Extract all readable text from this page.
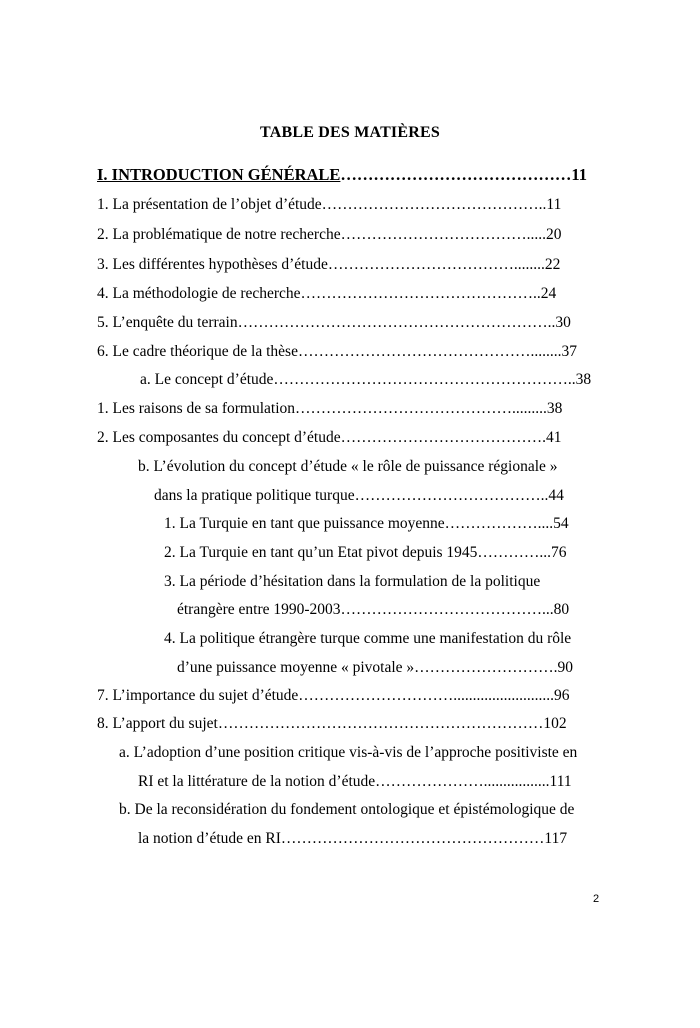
TABLE DES MATIÈRES
I. INTRODUCTION GÉNÉRALE……………………………………11
1. La présentation de l’objet d’étude……………………………………..11
2. La problématique de notre recherche……………………………….....20
3. Les différentes hypothèses d’étude………………………………........22
4. La méthodologie de recherche………………………………………..24
5. L’enquête du terrain……………………………………………………..30
6. Le cadre théorique de la thèse………………………………………........37
a. Le concept d’étude…………………………………………………..38
1. Les raisons de sa formulation…………………………………….........38
2. Les composantes du concept d’étude………………………………….41
b. L’évolution du concept d’étude « le rôle de puissance régionale »
dans la pratique politique turque………………………………..44
1. La Turquie en tant que puissance moyenne………………....54
2. La Turquie en tant qu’un Etat pivot depuis 1945…………...76
3. La période d’hésitation dans la formulation de la politique
étrangère entre 1990-2003…………………………………...80
4. La politique étrangère turque comme une manifestation du rôle
d’une puissance moyenne « pivotale »……………………….90
7. L’importance du sujet d’étude…………………………..........................96
8. L’apport du sujet………………………………………………………102
a. L’adoption d’une position critique vis-à-vis de l’approche positiviste en
RI et la littérature de la notion d’étude………………….................111
b. De la reconsidération du fondement ontologique et épistémologique de
la notion d’étude en RI……………………………………………117
2
